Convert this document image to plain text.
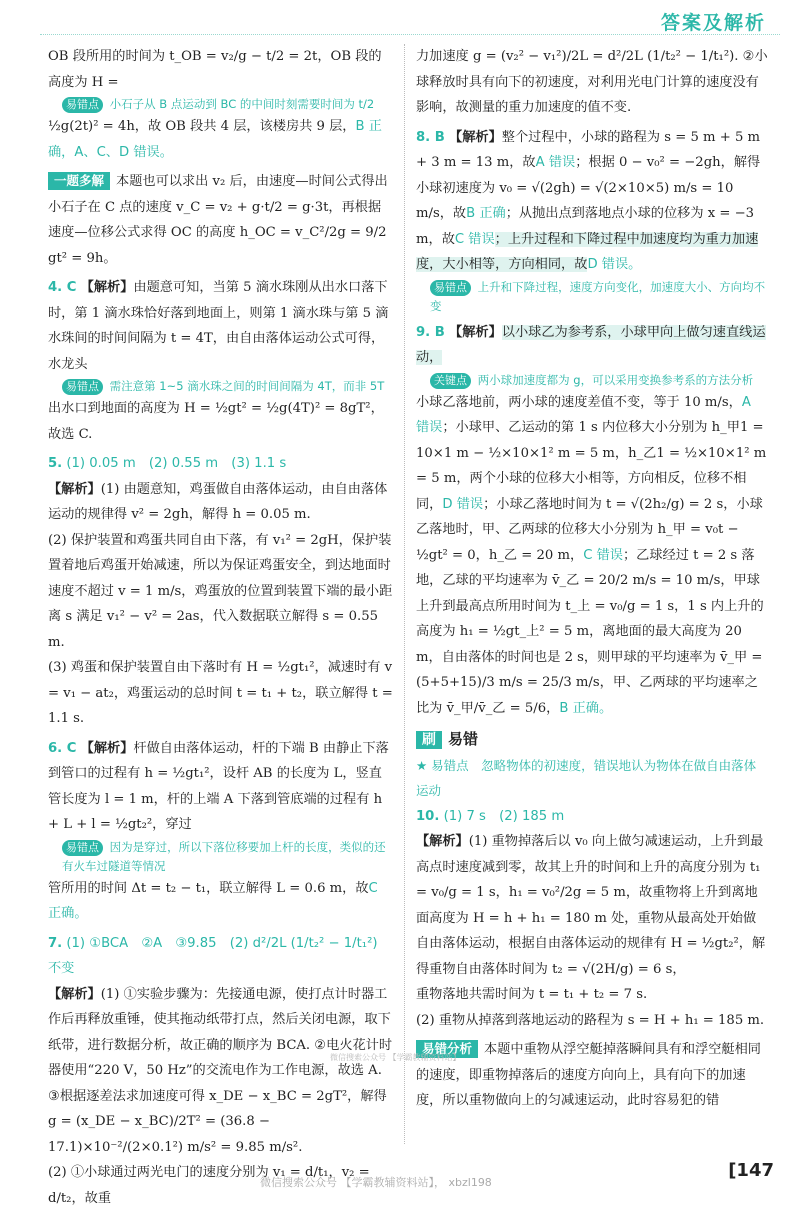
答案及解析

OB 段所用的时间为 t_OB = v₂/g − t/2 = 2t，OB 段的高度为 H =

易错点 小石子从 B 点运动到 BC 的中间时刻需要时间为 t/2

½g(2t)² = 4h，故 OB 段共 4 层，该楼房共 9 层，B 正确，A、C、D 错误。

一题多解 本题也可以求出 v₂ 后，由速度—时间公式得出小石子在 C 点的速度 v_C = v₂ + g·t/2 = g·3t，再根据速度—位移公式求得 OC 的高度 h_OC = v_C²/2g = 9/2 gt² = 9h。

4. C 【解析】由题意可知，当第 5 滴水珠刚从出水口落下时，第 1 滴水珠恰好落到地面上，则第 1 滴水珠与第 5 滴水珠间的时间间隔为 t = 4T，由自由落体运动公式可得，水龙头

易错点 需注意第 1~5 滴水珠之间的时间间隔为 4T，而非 5T

出水口到地面的高度为 H = ½gt² = ½g(4T)² = 8gT²，故选 C.

5. (1) 0.05 m　(2) 0.55 m　(3) 1.1 s

【解析】(1) 由题意知，鸡蛋做自由落体运动，由自由落体运动的规律得 v² = 2gh，解得 h = 0.05 m.

(2) 保护装置和鸡蛋共同自由下落，有 v₁² = 2gH，保护装置着地后鸡蛋开始减速，所以为保证鸡蛋安全，到达地面时速度不超过 v = 1 m/s，鸡蛋放的位置到装置下端的最小距离 s 满足 v₁² − v² = 2as，代入数据联立解得 s = 0.55 m.

(3) 鸡蛋和保护装置自由下落时有 H = ½gt₁²，减速时有 v = v₁ − at₂，鸡蛋运动的总时间 t = t₁ + t₂，联立解得 t = 1.1 s.

6. C 【解析】杆做自由落体运动，杆的下端 B 由静止下落到管口的过程有 h = ½gt₁²，设杆 AB 的长度为 L，竖直管长度为 l = 1 m，杆的上端 A 下落到管底端的过程有 h + L + l = ½gt₂²，穿过

易错点 因为是穿过，所以下落位移要加上杆的长度，类似的还有火车过隧道等情况

管所用的时间 Δt = t₂ − t₁，联立解得 L = 0.6 m，故C 正确。

7. (1) ①BCA　②A　③9.85　(2) d²/2L (1/t₂² − 1/t₁²)　不变

【解析】(1) ①实验步骤为：先接通电源，使打点计时器工作后再释放重锤，使其拖动纸带打点，然后关闭电源，取下纸带，进行数据分析，故正确的顺序为 BCA. ②电火花计时器使用“220 V，50 Hz”的交流电作为工作电源，故选 A. ③根据逐差法求加速度可得 x_DE − x_BC = 2gT²，解得 g = (x_DE − x_BC)/2T² = (36.8 − 17.1)×10⁻²/(2×0.1²) m/s² = 9.85 m/s².

(2) ①小球通过两光电门的速度分别为 v₁ = d/t₁，v₂ = d/t₂，故重

力加速度 g = (v₂² − v₁²)/2L = d²/2L (1/t₂² − 1/t₁²). ②小球释放时具有向下的初速度，对利用光电门计算的速度没有影响，故测量的重力加速度的值不变.

8. B 【解析】整个过程中，小球的路程为 s = 5 m + 5 m + 3 m = 13 m，故A 错误；根据 0 − v₀² = −2gh，解得小球初速度为 v₀ = √(2gh) = √(2×10×5) m/s = 10 m/s，故B 正确；从抛出点到落地点小球的位移为 x = −3 m，故C 错误；上升过程和下降过程中加速度均为重力加速度，大小相等，方向相同，故D 错误。

易错点 上升和下降过程，速度方向变化，加速度大小、方向均不变

9. B 【解析】以小球乙为参考系，小球甲向上做匀速直线运动，

关键点 两小球加速度都为 g，可以采用变换参考系的方法分析

小球乙落地前，两小球的速度差值不变，等于 10 m/s，A 错误；小球甲、乙运动的第 1 s 内位移大小分别为 h_甲1 = 10×1 m − ½×10×1² m = 5 m，h_乙1 = ½×10×1² m = 5 m，两个小球的位移大小相等，方向相反，位移不相同，D 错误；小球乙落地时间为 t = √(2h₂/g) = 2 s，小球乙落地时，甲、乙两球的位移大小分别为 h_甲 = v₀t − ½gt² = 0，h_乙 = 20 m，C 错误；乙球经过 t = 2 s 落地，乙球的平均速率为 v̄_乙 = 20/2 m/s = 10 m/s，甲球上升到最高点所用时间为 t_上 = v₀/g = 1 s，1 s 内上升的高度为 h₁ = ½gt_上² = 5 m，离地面的最大高度为 20 m，自由落体的时间也是 2 s，则甲球的平均速率为 v̄_甲 = (5+5+15)/3 m/s = 25/3 m/s，甲、乙两球的平均速率之比为 v̄_甲/v̄_乙 = 5/6，B 正确。

刷 易错

★ 易错点　忽略物体的初速度，错误地认为物体在做自由落体运动

10. (1) 7 s　(2) 185 m

【解析】(1) 重物掉落后以 v₀ 向上做匀减速运动，上升到最高点时速度减到零，故其上升的时间和上升的高度分别为 t₁ = v₀/g = 1 s，h₁ = v₀²/2g = 5 m，故重物将上升到离地面高度为 H = h + h₁ = 180 m 处，重物从最高处开始做自由落体运动，根据自由落体运动的规律有 H = ½gt₂²，解得重物自由落体时间为 t₂ = √(2H/g) = 6 s，

重物落地共需时间为 t = t₁ + t₂ = 7 s.

(2) 重物从掉落到落地运动的路程为 s = H + h₁ = 185 m.

易错分析 本题中重物从浮空艇掉落瞬间具有和浮空艇相同的速度，即重物掉落后的速度方向向上，具有向下的加速度，所以重物做向上的匀减速运动，此时容易犯的错

微信搜索公众号 【学霸教辅资料站】
[147
微信搜索公众号 【学霸教辅资料站】， xbzl198
